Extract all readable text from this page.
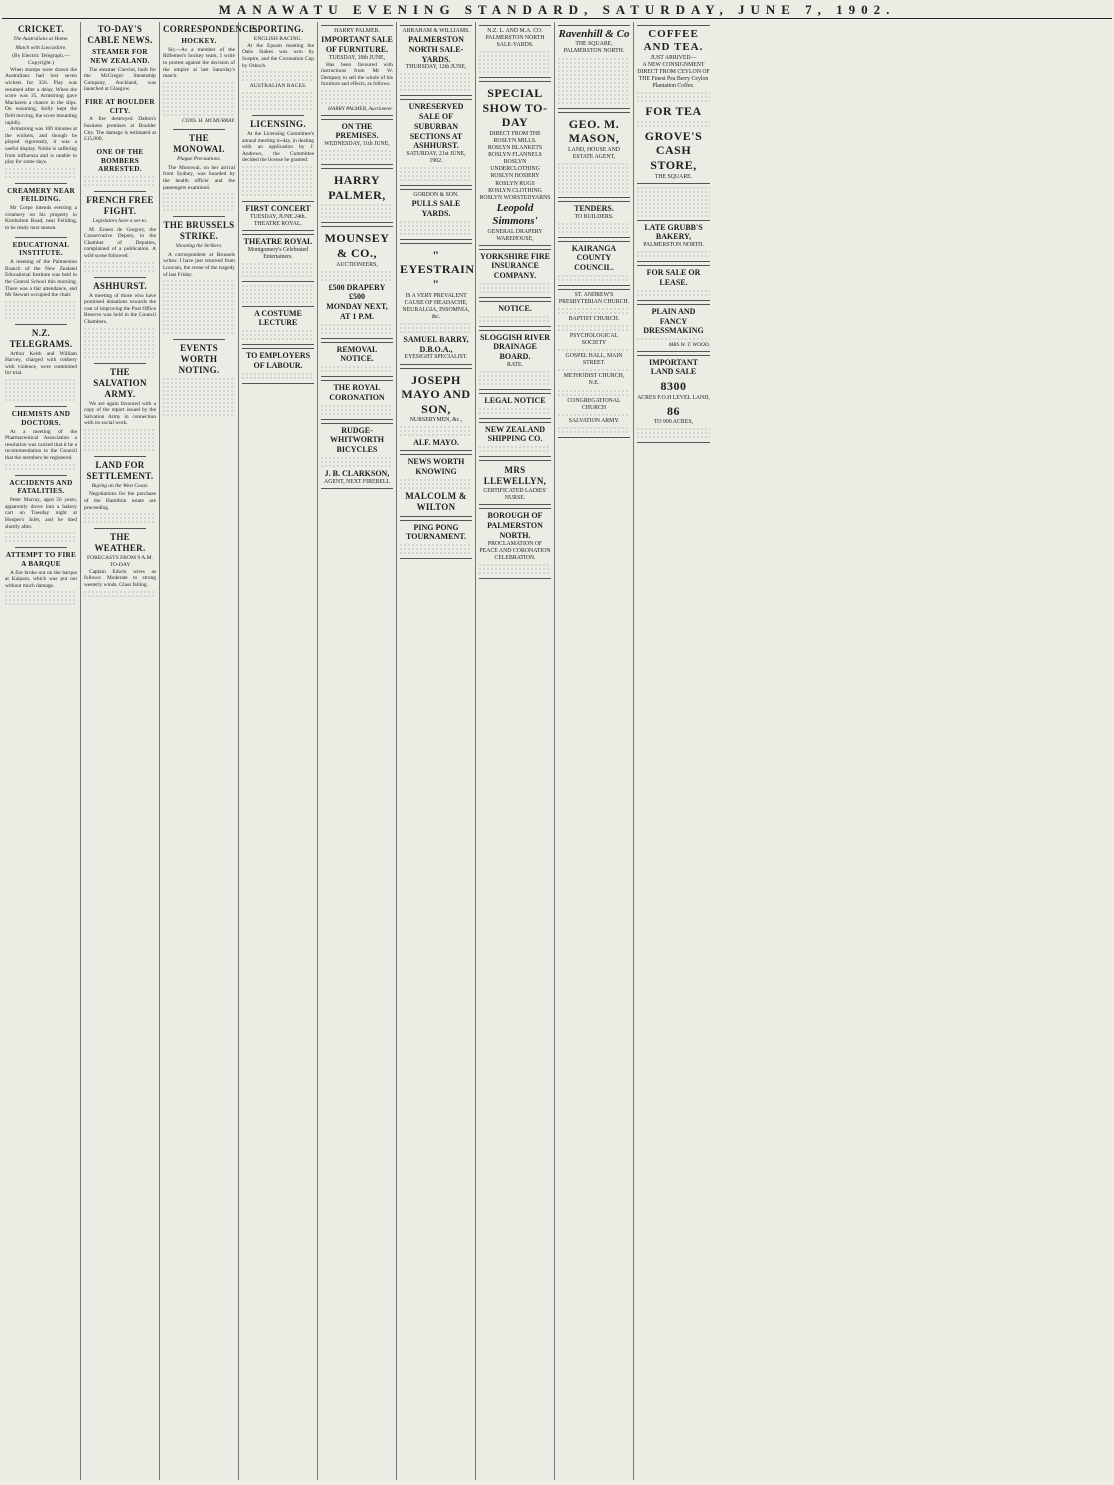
MANAWATU EVENING STANDARD, SATURDAY, JUNE 7, 1902.
CRICKET.
The Australians at Home.
Match with Lancashire.
(By Electric Telegraph.—Copyright.)
When stumps were drawn the Australians had lost seven wickets for 356. Play was resumed after a delay. When the score was 35, Armstrong gave Mackaren a chance in the slips. On resuming, Kelly kept the field moving, the score mounting rapidly.
Armstrong was 100 minutes at the wickets, and though he played vigorously, it was a useful display. Noble is suffering from influenza and is unable to play for some days.
CREAMERY NEAR FEILDING.
Mr Corpe intends erecting a creamery on his property in Kimbolton Road, near Feilding, to be ready next season.
EDUCATIONAL INSTITUTE.
A meeting of the Palmerston Branch of the New Zealand Educational Institute was held in the Central School this morning. There was a fair attendance, and Mr Stewart occupied the chair.
N.Z. TELEGRAMS.
Arthur Keith and William Harvey, charged with robbery with violence, were committed for trial.
CHEMISTS AND DOCTORS.
At a meeting of the Pharmaceutical Association a resolution was carried that it be a recommendation to the Council that the members be registered.
ACCIDENTS AND FATALITIES.
Peter Murray, aged 56 years, apparently drove into a bakery cart on Tuesday night at Hooper's Inlet, and he died shortly after.
ATTEMPT TO FIRE A BARQUE
A fire broke out on the barque at Kaipara, which was put out without much damage.
TO-DAY'S CABLE NEWS.
STEAMER FOR NEW ZEALAND.
The steamer Cheviot, built for the McGregor Steamship Company, Auckland, was launched at Glasgow.
FIRE AT BOULDER CITY.
A fire destroyed Dalton's business premises at Boulder City. The damage is estimated at £15,000.
ONE OF THE BOMBERS ARRESTED.
FRENCH FREE FIGHT.
Legislators have a set-to.
M. Ernest de Gregory, the Conservative Deputy, in the Chamber of Deputies, complained of a publication. A wild scene followed.
ASHHURST.
A meeting of those who have promised donations towards the cost of improving the Post Office Reserve was held in the Council Chambers.
THE SALVATION ARMY.
We are again favoured with a copy of the report issued by the Salvation Army in connection with its social work.
LAND FOR SETTLEMENT.
Buying on the West Coast.
Negotiations for the purchase of the Hamilton estate are proceeding.
THE WEATHER.
FORECASTS FROM 9 A.M. TO-DAY
Captain Edwin wires as follows: Moderate to strong westerly winds. Glass falling.
CORRESPONDENCE.
HOCKEY.
Sir,—As a member of the Riflemen's hockey team, I write to protest against the decision of the umpire at last Saturday's match.
CONS. H. MCMURRAY.
THE MONOWAI.
Plague Precautions.
The Monowai, on her arrival from Sydney, was boarded by the health officer and the passengers examined.
THE BRUSSELS STRIKE.
Shooting the Strikers.
A correspondent at Brussels writes: I have just returned from Louvain, the scene of the tragedy of last Friday.
EVENTS WORTH NOTING.
SPORTING.
ENGLISH RACING.
At the Epsom meeting the Oaks Stakes was won by Sceptre, and the Coronation Cup by Osboch.
AUSTRALIAN RACES.
LICENSING.
At the Licensing Committee's annual meeting to-day, in dealing with an application by J. Andrews, the Committee decided the license be granted.
FIRST CONCERT
TUESDAY, JUNE 24th.
THEATRE ROYAL.
THEATRE ROYAL
Montgomery's Celebrated Entertainers.
A COSTUME LECTURE
TO EMPLOYERS OF LABOUR.
HARRY PALMER.
IMPORTANT SALE OF FURNITURE.
TUESDAY, 10th JUNE,
Has been favoured with instructions from Mr W. Dempsey to sell the whole of his furniture and effects, as follows.
HARRY PALMER, Auctioneer.
ON THE PREMISES.
WEDNESDAY, 11th JUNE,
HARRY PALMER,
MOUNSEY & CO.,
AUCTIONEERS,
£500 DRAPERY £500
MONDAY NEXT, AT 1 P.M.
REMOVAL NOTICE.
THE ROYAL CORONATION
RUDGE-WHITWORTH BICYCLES
J. B. CLARKSON,
AGENT, NEXT FIREBELL
ABRAHAM & WILLIAMS.
PALMERSTON NORTH SALE-YARDS.
THURSDAY, 12th JUNE,
UNRESERVED SALE OF SUBURBAN SECTIONS AT ASHHURST.
SATURDAY, 21st JUNE, 1902.
GORDON & SON.
PULLS SALE YARDS.
" EYESTRAIN "
IS A VERY PREVALENT CAUSE OF HEADACHE, NEURALGIA, INSOMNIA, &c.
SAMUEL BARRY, D.B.O.A.,
EYESIGHT SPECIALIST.
JOSEPH MAYO AND SON,
NURSERYMEN, &c.,
ALF. MAYO.
NEWS WORTH KNOWING
MALCOLM & WILTON
PING PONG TOURNAMENT.
N.Z. L. AND M.A. CO.
PALMERSTON NORTH SALE-YARDS.
SPECIAL SHOW TO-DAY
DIRECT FROM THE ROSLYN MILLS.
ROSLYN BLANKETS
ROSLYN FLANNELS
ROSLYN UNDERCLOTHING
ROSLYN HOSIERY
ROSLYN RUGS
ROSLYN CLOTHING
ROSLYN WORSTEDYARNS
Leopold
Simmons'
GENERAL DRAPERY WAREHOUSE,
YORKSHIRE FIRE INSURANCE COMPANY.
NOTICE.
SLOGGISH RIVER DRAINAGE BOARD.
RATE.
LEGAL NOTICE
NEW ZEALAND SHIPPING CO.
MRS LLEWELLYN,
CERTIFICATED LADIES' NURSE.
BOROUGH OF PALMERSTON NORTH.
PROCLAMATION OF PEACE AND CORONATION CELEBRATION.
Ravenhill & Co
THE SQUARE, PALMERSTON NORTH.
GEO. M. MASON,
LAND, HOUSE AND ESTATE AGENT,
TENDERS.
TO BUILDERS.
KAIRANGA COUNTY COUNCIL.
ST. ANDREW'S PRESBYTERIAN CHURCH.
BAPTIST CHURCH.
PSYCHOLOGICAL SOCIETY
GOSPEL HALL, MAIN STREET.
METHODIST CHURCH, N.E.
CONGREGATIONAL CHURCH
SALVATION ARMY.
COFFEE AND TEA.
JUST ARRIVED—
A NEW CONSIGNMENT DIRECT FROM CEYLON OF THE Finest Pea Berry Ceylon Plantation Coffee.
FOR TEA
GROVE'S CASH STORE,
THE SQUARE.
LATE GRUBB'S BAKERY,
PALMERSTON NORTH.
FOR SALE OR LEASE.
PLAIN AND FANCY DRESSMAKING
MRS W. T. WOOD,
IMPORTANT LAND SALE
8300
ACRES F.O.H LEVEL LAND,
86
TO 900 ACRES,
